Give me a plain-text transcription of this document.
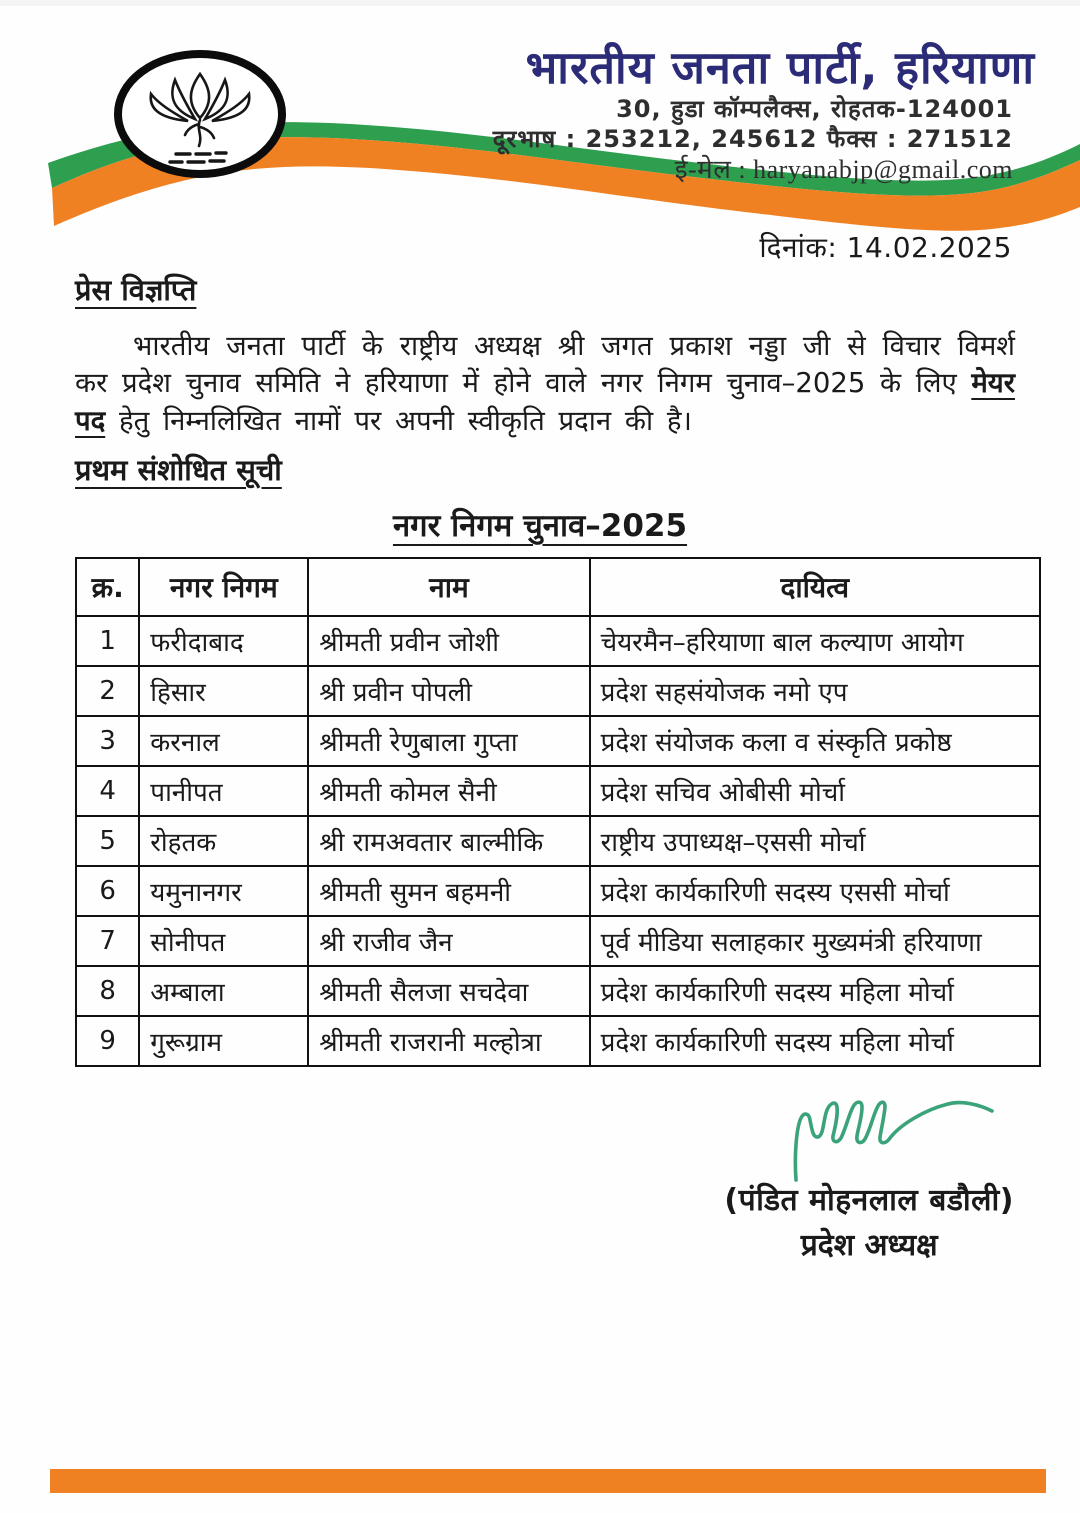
भारतीय जनता पार्टी, हरियाणा
30, हुडा कॉम्पलैक्स, रोहतक-124001
दूरभाष : 253212, 245612 फैक्स : 271512
ई-मेल : haryanabjp@gmail.com
दिनांक: 14.02.2025
प्रेस विज्ञप्ति
भारतीय जनता पार्टी के राष्ट्रीय अध्यक्ष श्री जगत प्रकाश नड्डा जी से विचार विमर्श कर प्रदेश चुनाव समिति ने हरियाणा में होने वाले नगर निगम चुनाव–2025 के लिए मेयर पद हेतु निम्नलिखित नामों पर अपनी स्वीकृति प्रदान की है।
प्रथम संशोधित सूची
नगर निगम चुनाव–2025
क्र.	नगर निगम	नाम	दायित्व
1	फरीदाबाद	श्रीमती प्रवीन जोशी	चेयरमैन–हरियाणा बाल कल्याण आयोग
2	हिसार	श्री प्रवीन पोपली	प्रदेश सहसंयोजक नमो एप
3	करनाल	श्रीमती रेणुबाला गुप्ता	प्रदेश संयोजक कला व संस्कृति प्रकोष्ठ
4	पानीपत	श्रीमती कोमल सैनी	प्रदेश सचिव ओबीसी मोर्चा
5	रोहतक	श्री रामअवतार बाल्मीकि	राष्ट्रीय उपाध्यक्ष–एससी मोर्चा
6	यमुनानगर	श्रीमती सुमन बहमनी	प्रदेश कार्यकारिणी सदस्य एससी मोर्चा
7	सोनीपत	श्री राजीव जैन	पूर्व मीडिया सलाहकार मुख्यमंत्री हरियाणा
8	अम्बाला	श्रीमती सैलजा सचदेवा	प्रदेश कार्यकारिणी सदस्य महिला मोर्चा
9	गुरूग्राम	श्रीमती राजरानी मल्होत्रा	प्रदेश कार्यकारिणी सदस्य महिला मोर्चा
(पंडित मोहनलाल बडौली)
प्रदेश अध्यक्ष
